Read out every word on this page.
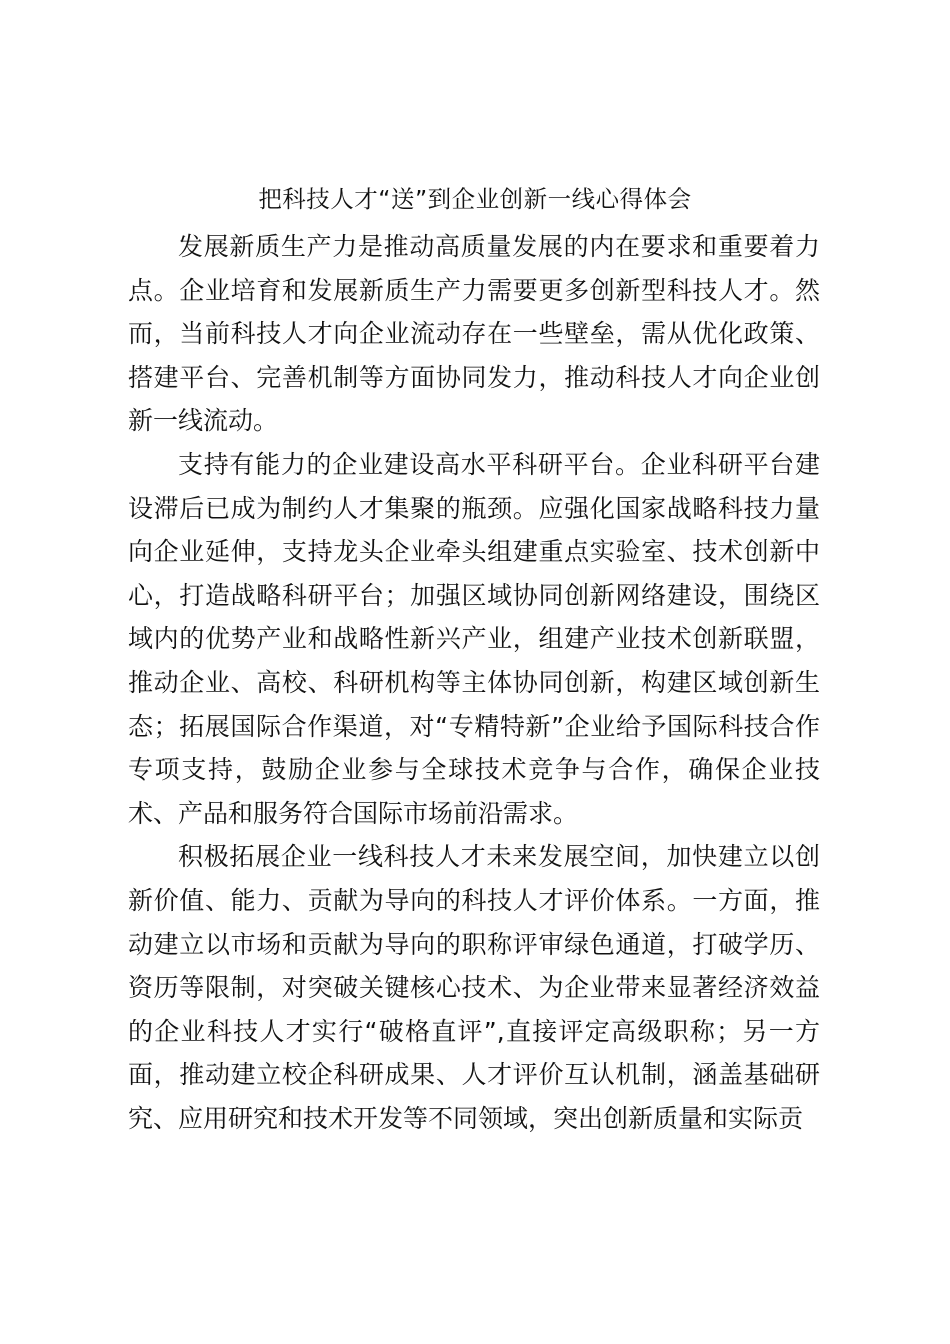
把科技人才“送”到企业创新一线心得体会

发展新质生产力是推动高质量发展的内在要求和重要着力点。企业培育和发展新质生产力需要更多创新型科技人才。然而，当前科技人才向企业流动存在一些壁垒，需从优化政策、搭建平台、完善机制等方面协同发力，推动科技人才向企业创新一线流动。

支持有能力的企业建设高水平科研平台。企业科研平台建设滞后已成为制约人才集聚的瓶颈。应强化国家战略科技力量向企业延伸，支持龙头企业牵头组建重点实验室、技术创新中心，打造战略科研平台；加强区域协同创新网络建设，围绕区域内的优势产业和战略性新兴产业，组建产业技术创新联盟，推动企业、高校、科研机构等主体协同创新，构建区域创新生态；拓展国际合作渠道，对“专精特新”企业给予国际科技合作专项支持，鼓励企业参与全球技术竞争与合作，确保企业技术、产品和服务符合国际市场前沿需求。

积极拓展企业一线科技人才未来发展空间，加快建立以创新价值、能力、贡献为导向的科技人才评价体系。一方面，推动建立以市场和贡献为导向的职称评审绿色通道，打破学历、资历等限制，对突破关键核心技术、为企业带来显著经济效益的企业科技人才实行“破格直评”,直接评定高级职称；另一方面，推动建立校企科研成果、人才评价互认机制，涵盖基础研究、应用研究和技术开发等不同领域，突出创新质量和实际贡
